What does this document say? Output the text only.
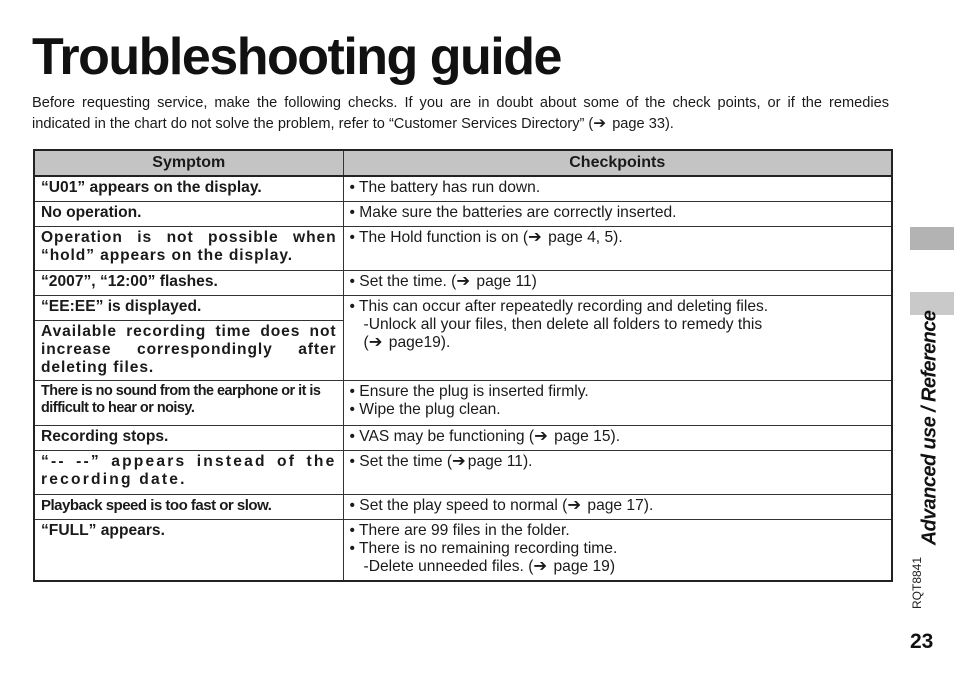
Troubleshooting guide

Before requesting service, make the following checks. If you are in doubt about some of the check points, or if the remedies indicated in the chart do not solve the problem, refer to “Customer Services Directory” (➔ page 33).

Symptom	Checkpoints
“U01” appears on the display.	• The battery has run down.

No operation.	• Make sure the batteries are correctly inserted.

Operation is not possible when “hold” appears on the display.	• The Hold function is on (➔ page 4, 5).

“2007”, “12:00” flashes.	• Set the time. (➔ page 11)

“EE:EE” is displayed.	• This can occur after repeatedly recording and deleting files.
-Unlock all your files, then delete all folders to remedy this
(➔ page19).

Available recording time does not increase correspondingly after deleting files.	
There is no sound from the earphone or it is difficult to hear or noisy.	• Ensure the plug is inserted firmly.
• Wipe the plug clean.

Recording stops.	• VAS may be functioning (➔ page 15).

“-- --” appears instead of the recording date.	• Set the time (➔ page 11).

Playback speed is too fast or slow.	• Set the play speed to normal (➔ page 17).

“FULL” appears.	• There are 99 files in the folder.
• There is no remaining recording time.
-Delete unneeded files. (➔ page 19)
Advanced use / Reference
RQT8841
23
